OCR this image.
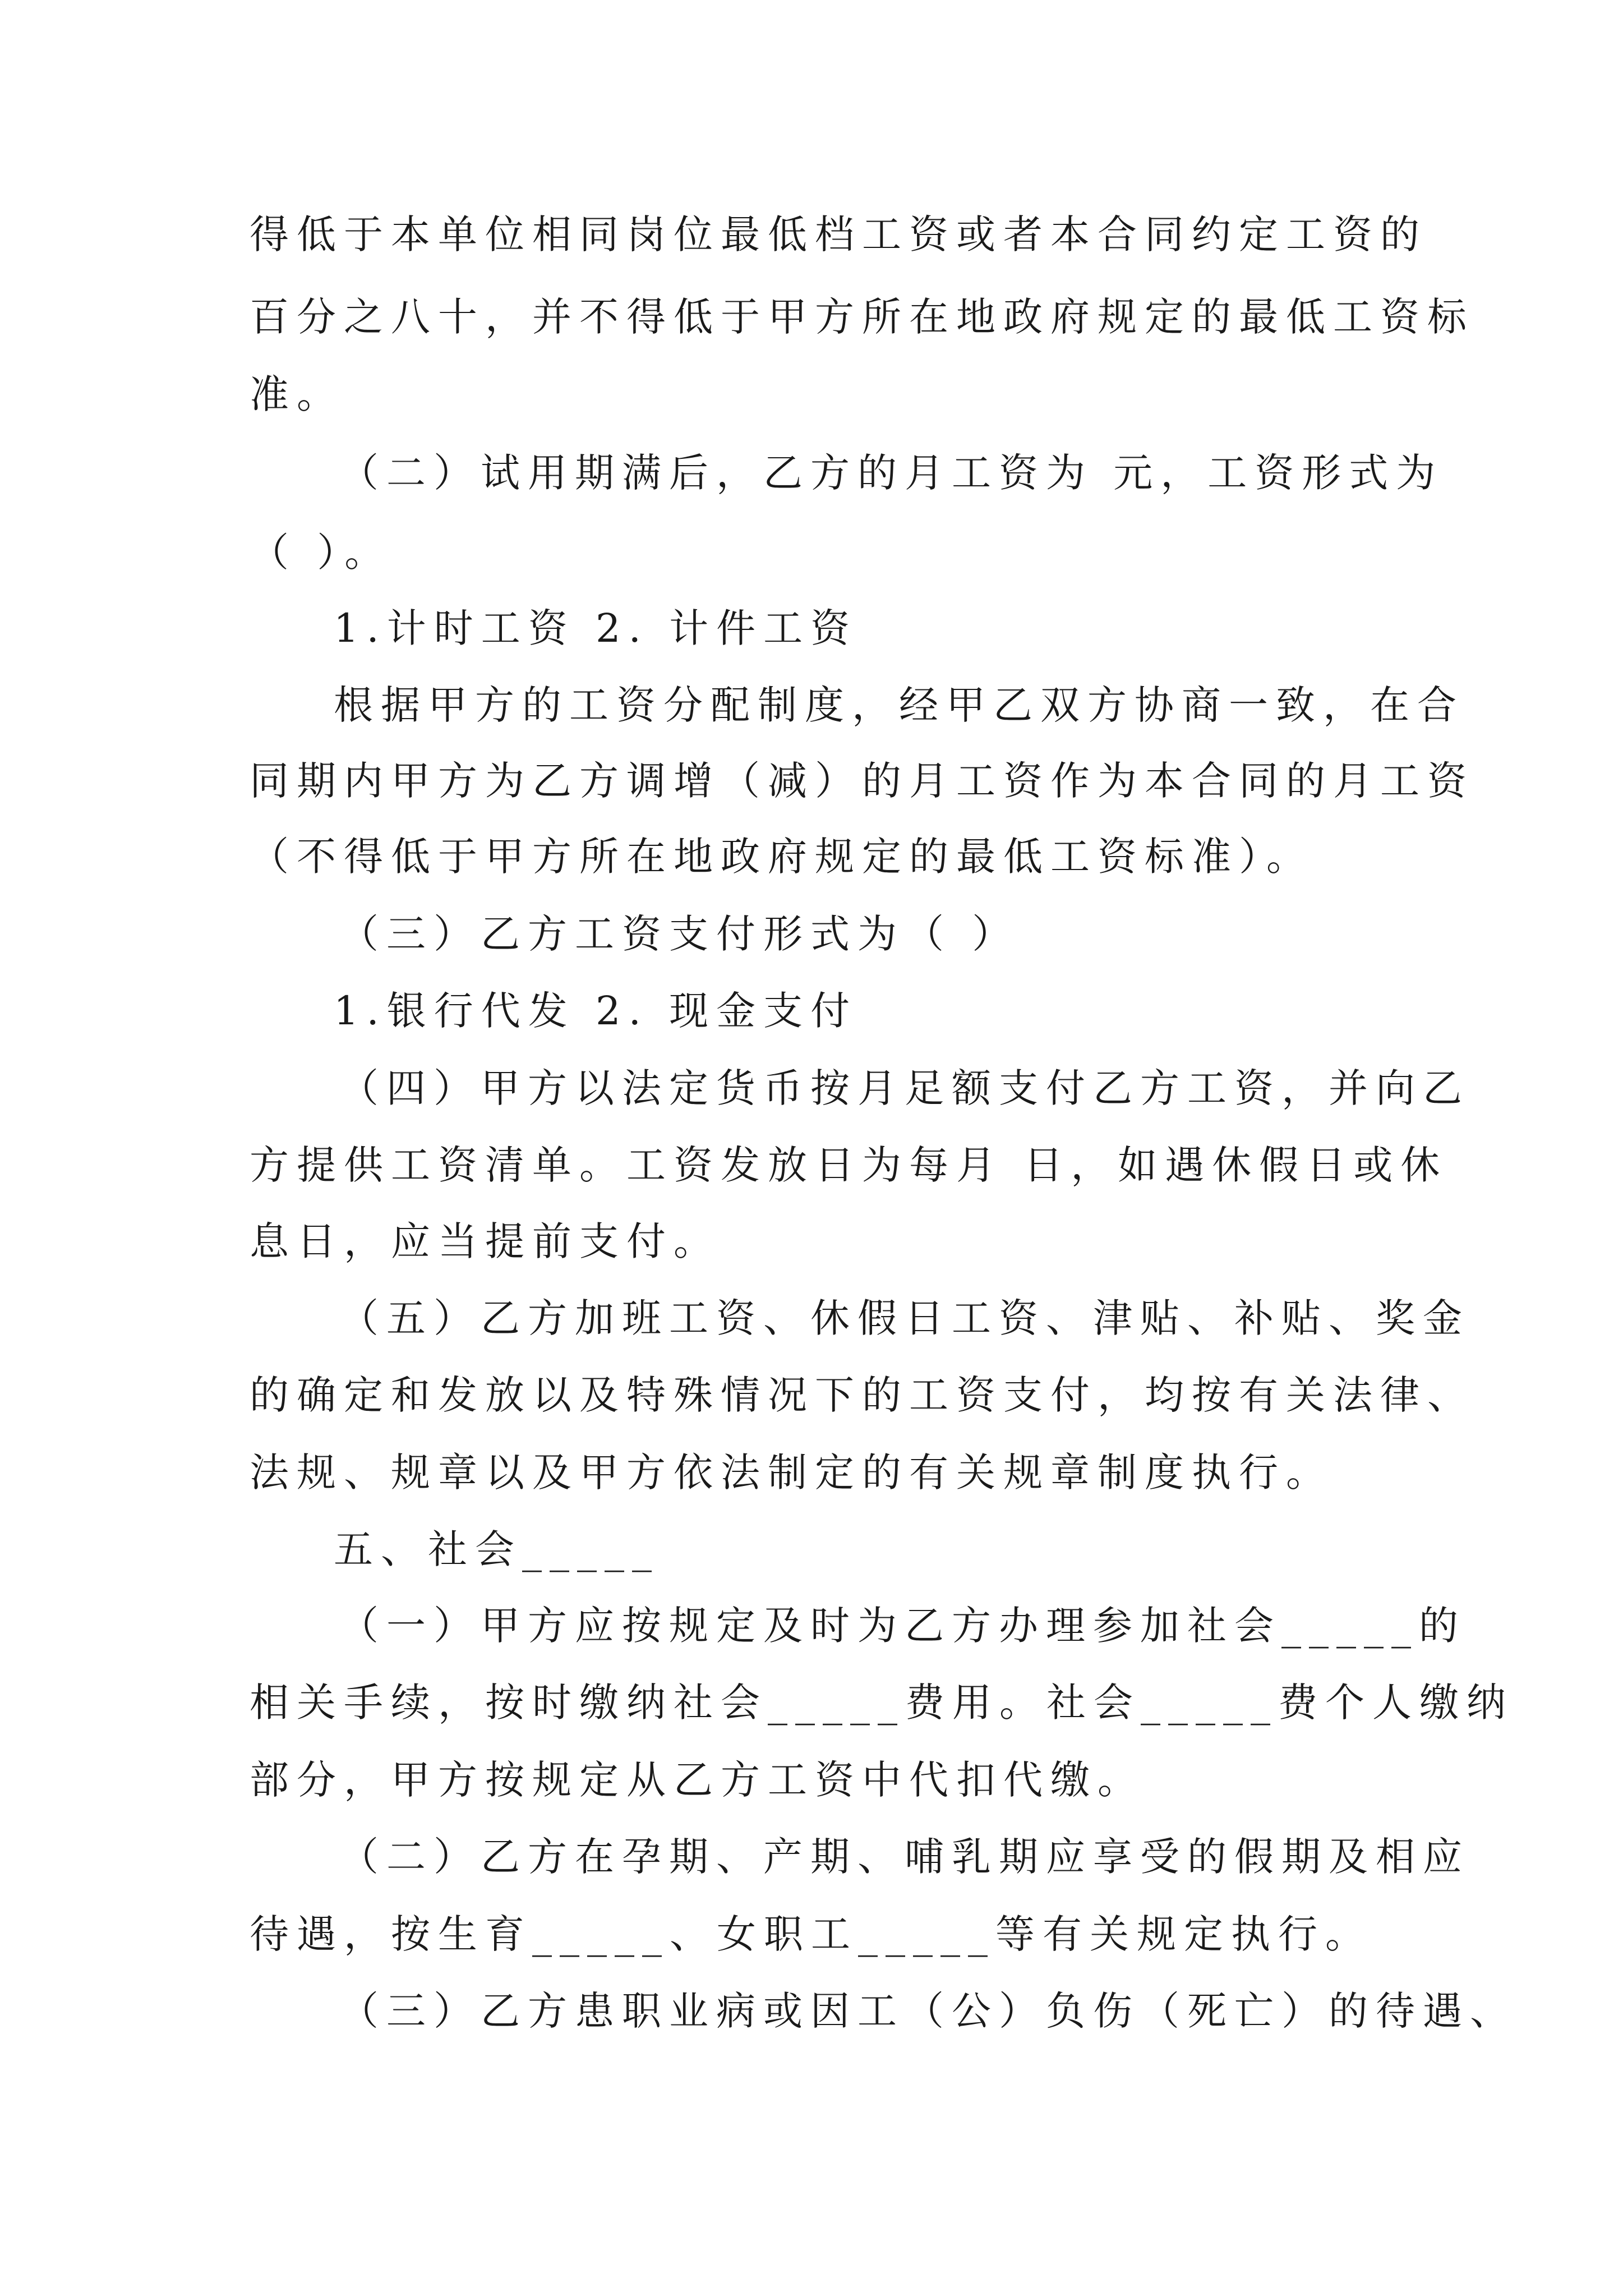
得低于本单位相同岗位最低档工资或者本合同约定工资的
百分之八十，并不得低于甲方所在地政府规定的最低工资标
准。
（二）试用期满后，乙方的月工资为 元，工资形式为
（ ）。
1.计时工资 2. 计件工资
根据甲方的工资分配制度，经甲乙双方协商一致，在合
同期内甲方为乙方调增（减）的月工资作为本合同的月工资
（不得低于甲方所在地政府规定的最低工资标准）。
（三）乙方工资支付形式为（ ）
1.银行代发 2. 现金支付
（四）甲方以法定货币按月足额支付乙方工资，并向乙
方提供工资清单。工资发放日为每月 日，如遇休假日或休
息日，应当提前支付。
（五）乙方加班工资、休假日工资、津贴、补贴、奖金
的确定和发放以及特殊情况下的工资支付，均按有关法律、
法规、规章以及甲方依法制定的有关规章制度执行。
五、社会_____
（一）甲方应按规定及时为乙方办理参加社会_____的
相关手续，按时缴纳社会_____费用。社会_____费个人缴纳
部分，甲方按规定从乙方工资中代扣代缴。
（二）乙方在孕期、产期、哺乳期应享受的假期及相应
待遇，按生育_____、女职工_____等有关规定执行。
（三）乙方患职业病或因工（公）负伤（死亡）的待遇、
